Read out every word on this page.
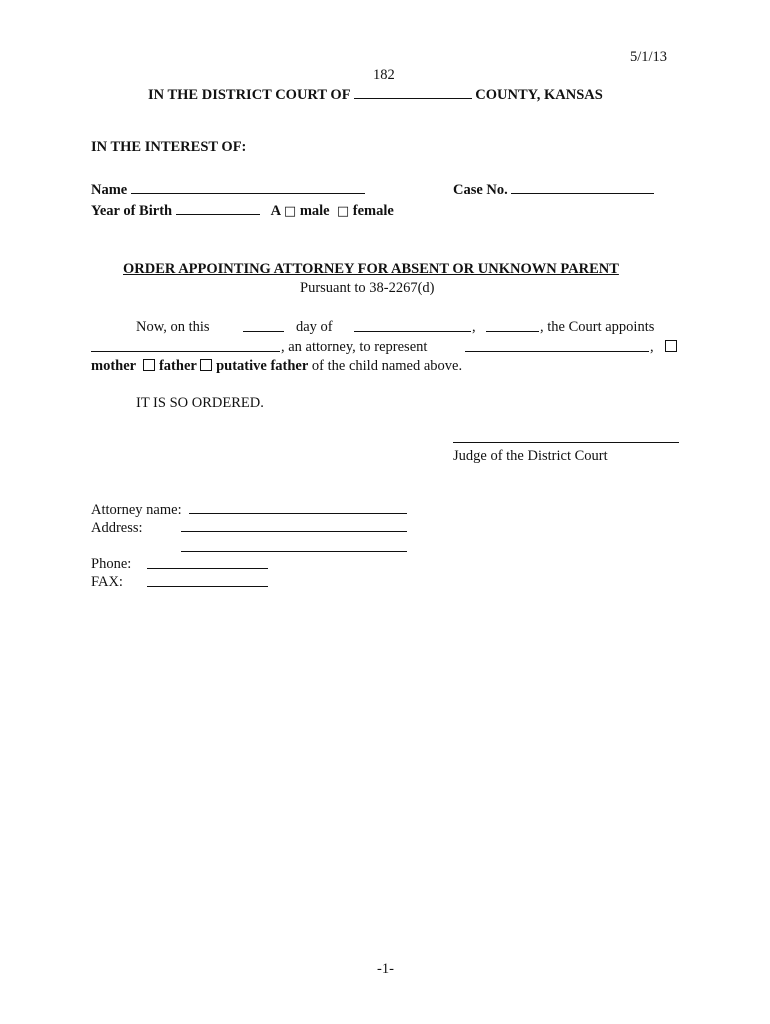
5/1/13
182
IN THE DISTRICT COURT OF	COUNTY, KANSAS
IN THE INTEREST OF:
Name	Case No.
Year of Birth	A □ male □ female
ORDER APPOINTING ATTORNEY FOR ABSENT OR UNKNOWN PARENT
Pursuant to 38-2267(d)
Now, on this	day of	,	, the Court appoints
, an attorney, to represent	,
mother father putative father of the child named above.
IT IS SO ORDERED.
Judge of the District Court
Attorney name:
Address:
Phone:
FAX:
-1-
